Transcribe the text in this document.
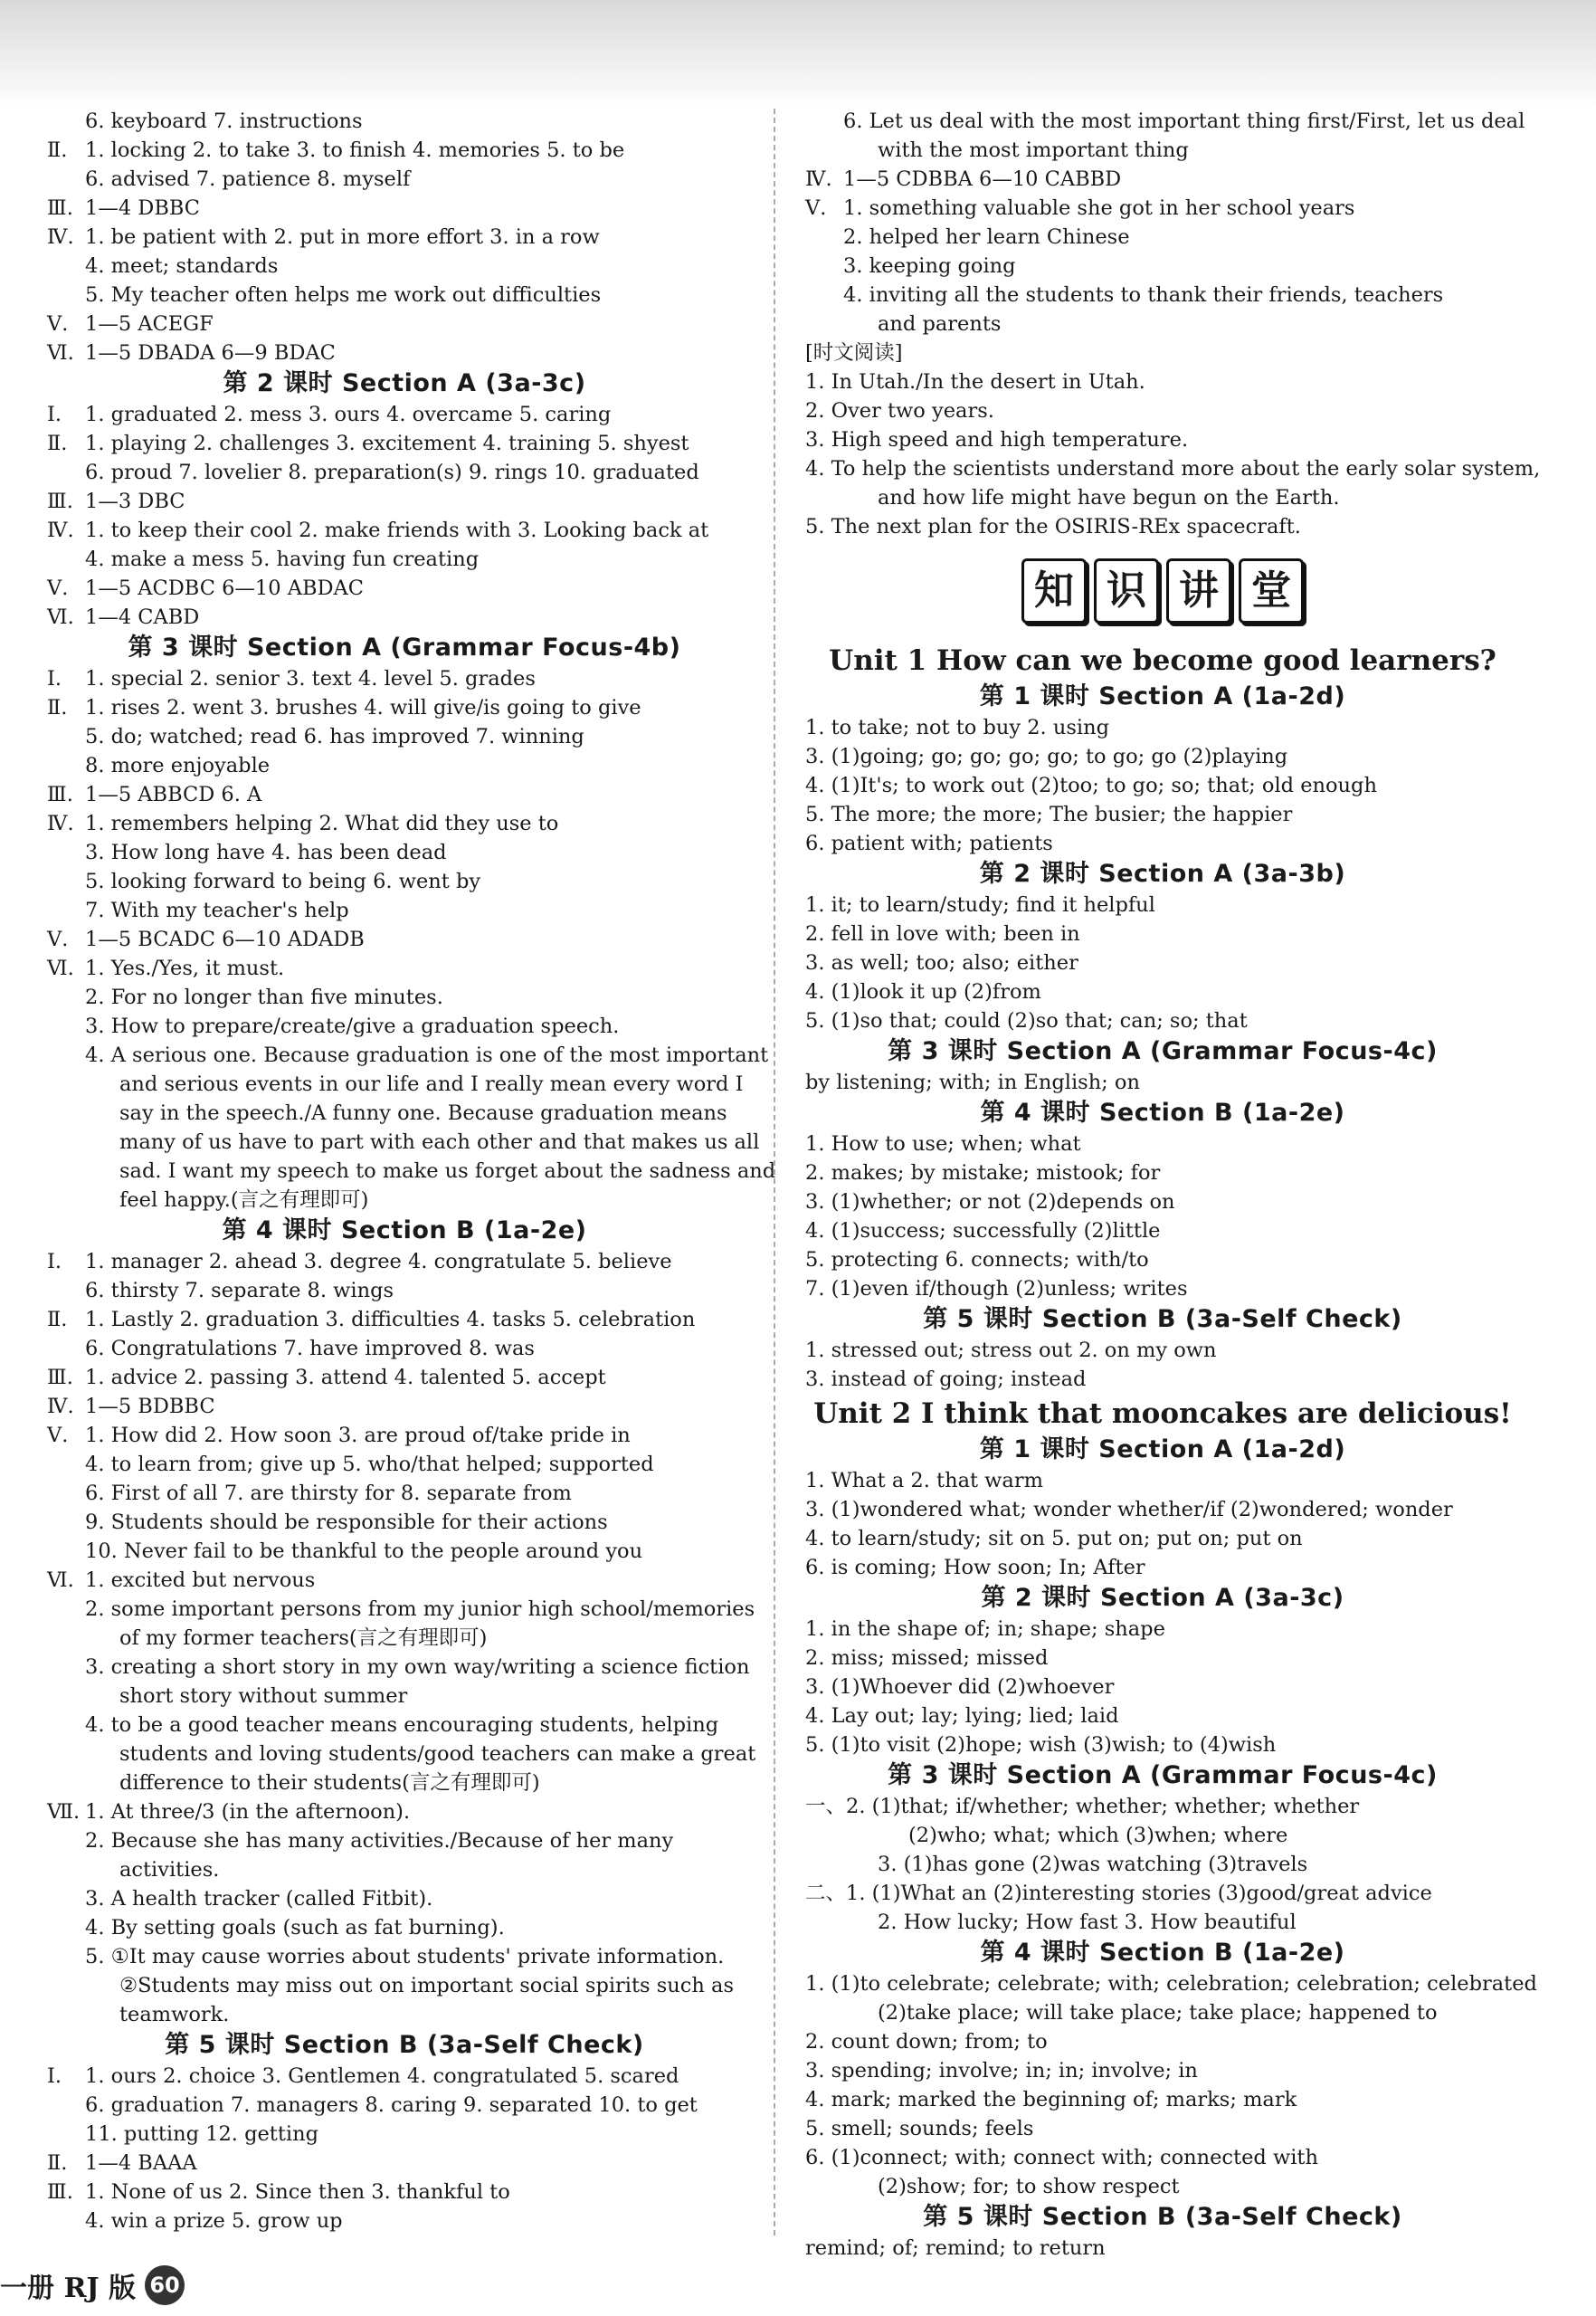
6. keyboard 7. instructions
Ⅱ. 1. locking 2. to take 3. to finish 4. memories 5. to be
6. advised 7. patience 8. myself
Ⅲ. 1—4 DBBC
Ⅳ. 1. be patient with 2. put in more effort 3. in a row
4. meet; standards
5. My teacher often helps me work out difficulties
Ⅴ. 1—5 ACEGF
Ⅵ. 1—5 DBADA 6—9 BDAC
第 2 课时 Section A (3a-3c)
Ⅰ. 1. graduated 2. mess 3. ours 4. overcame 5. caring
Ⅱ. 1. playing 2. challenges 3. excitement 4. training 5. shyest
6. proud 7. lovelier 8. preparation(s) 9. rings 10. graduated
Ⅲ. 1—3 DBC
Ⅳ. 1. to keep their cool 2. make friends with 3. Looking back at
4. make a mess 5. having fun creating
Ⅴ. 1—5 ACDBC 6—10 ABDAC
Ⅵ. 1—4 CABD
第 3 课时 Section A (Grammar Focus-4b)
Ⅰ. 1. special 2. senior 3. text 4. level 5. grades
Ⅱ. 1. rises 2. went 3. brushes 4. will give/is going to give
5. do; watched; read 6. has improved 7. winning
8. more enjoyable
Ⅲ. 1—5 ABBCD 6. A
Ⅳ. 1. remembers helping 2. What did they use to
3. How long have 4. has been dead
5. looking forward to being 6. went by
7. With my teacher's help
Ⅴ. 1—5 BCADC 6—10 ADADB
Ⅵ. 1. Yes./Yes, it must.
2. For no longer than five minutes.
3. How to prepare/create/give a graduation speech.
4. A serious one. Because graduation is one of the most important
and serious events in our life and I really mean every word I
say in the speech./A funny one. Because graduation means
many of us have to part with each other and that makes us all
sad. I want my speech to make us forget about the sadness and
feel happy.(言之有理即可)
第 4 课时 Section B (1a-2e)
Ⅰ. 1. manager 2. ahead 3. degree 4. congratulate 5. believe
6. thirsty 7. separate 8. wings
Ⅱ. 1. Lastly 2. graduation 3. difficulties 4. tasks 5. celebration
6. Congratulations 7. have improved 8. was
Ⅲ. 1. advice 2. passing 3. attend 4. talented 5. accept
Ⅳ. 1—5 BDBBC
Ⅴ. 1. How did 2. How soon 3. are proud of/take pride in
4. to learn from; give up 5. who/that helped; supported
6. First of all 7. are thirsty for 8. separate from
9. Students should be responsible for their actions
10. Never fail to be thankful to the people around you
Ⅵ. 1. excited but nervous
2. some important persons from my junior high school/memories
of my former teachers(言之有理即可)
3. creating a short story in my own way/writing a science fiction
short story without summer
4. to be a good teacher means encouraging students, helping
students and loving students/good teachers can make a great
difference to their students(言之有理即可)
Ⅶ. 1. At three/3 (in the afternoon).
2. Because she has many activities./Because of her many
activities.
3. A health tracker (called Fitbit).
4. By setting goals (such as fat burning).
5. ①It may cause worries about students' private information.
②Students may miss out on important social spirits such as
teamwork.
第 5 课时 Section B (3a-Self Check)
Ⅰ. 1. ours 2. choice 3. Gentlemen 4. congratulated 5. scared
6. graduation 7. managers 8. caring 9. separated 10. to get
11. putting 12. getting
Ⅱ. 1—4 BAAA
Ⅲ. 1. None of us 2. Since then 3. thankful to
4. win a prize 5. grow up
6. Let us deal with the most important thing first/First, let us deal
with the most important thing
Ⅳ. 1—5 CDBBA 6—10 CABBD
Ⅴ. 1. something valuable she got in her school years
2. helped her learn Chinese
3. keeping going
4. inviting all the students to thank their friends, teachers
and parents
[时文阅读]
1. In Utah./In the desert in Utah.
2. Over two years.
3. High speed and high temperature.
4. To help the scientists understand more about the early solar system,
and how life might have begun on the Earth.
5. The next plan for the OSIRIS-REx spacecraft.
知 识 讲 堂
Unit 1 How can we become good learners?
第 1 课时 Section A (1a-2d)
1. to take; not to buy 2. using
3. (1)going; go; go; go; go; to go; go (2)playing
4. (1)It's; to work out (2)too; to go; so; that; old enough
5. The more; the more; The busier; the happier
6. patient with; patients
第 2 课时 Section A (3a-3b)
1. it; to learn/study; find it helpful
2. fell in love with; been in
3. as well; too; also; either
4. (1)look it up (2)from
5. (1)so that; could (2)so that; can; so; that
第 3 课时 Section A (Grammar Focus-4c)
by listening; with; in English; on
第 4 课时 Section B (1a-2e)
1. How to use; when; what
2. makes; by mistake; mistook; for
3. (1)whether; or not (2)depends on
4. (1)success; successfully (2)little
5. protecting 6. connects; with/to
7. (1)even if/though (2)unless; writes
第 5 课时 Section B (3a-Self Check)
1. stressed out; stress out 2. on my own
3. instead of going; instead
Unit 2 I think that mooncakes are delicious!
第 1 课时 Section A (1a-2d)
1. What a 2. that warm
3. (1)wondered what; wonder whether/if (2)wondered; wonder
4. to learn/study; sit on 5. put on; put on; put on
6. is coming; How soon; In; After
第 2 课时 Section A (3a-3c)
1. in the shape of; in; shape; shape
2. miss; missed; missed
3. (1)Whoever did (2)whoever
4. Lay out; lay; lying; lied; laid
5. (1)to visit (2)hope; wish (3)wish; to (4)wish
第 3 课时 Section A (Grammar Focus-4c)
一、2. (1)that; if/whether; whether; whether; whether
(2)who; what; which (3)when; where
3. (1)has gone (2)was watching (3)travels
二、1. (1)What an (2)interesting stories (3)good/great advice
2. How lucky; How fast 3. How beautiful
第 4 课时 Section B (1a-2e)
1. (1)to celebrate; celebrate; with; celebration; celebration; celebrated
(2)take place; will take place; take place; happened to
2. count down; from; to
3. spending; involve; in; in; involve; in
4. mark; marked the beginning of; marks; mark
5. smell; sounds; feels
6. (1)connect; with; connect with; connected with
(2)show; for; to show respect
第 5 课时 Section B (3a-Self Check)
remind; of; remind; to return
一册 RJ 版 60
